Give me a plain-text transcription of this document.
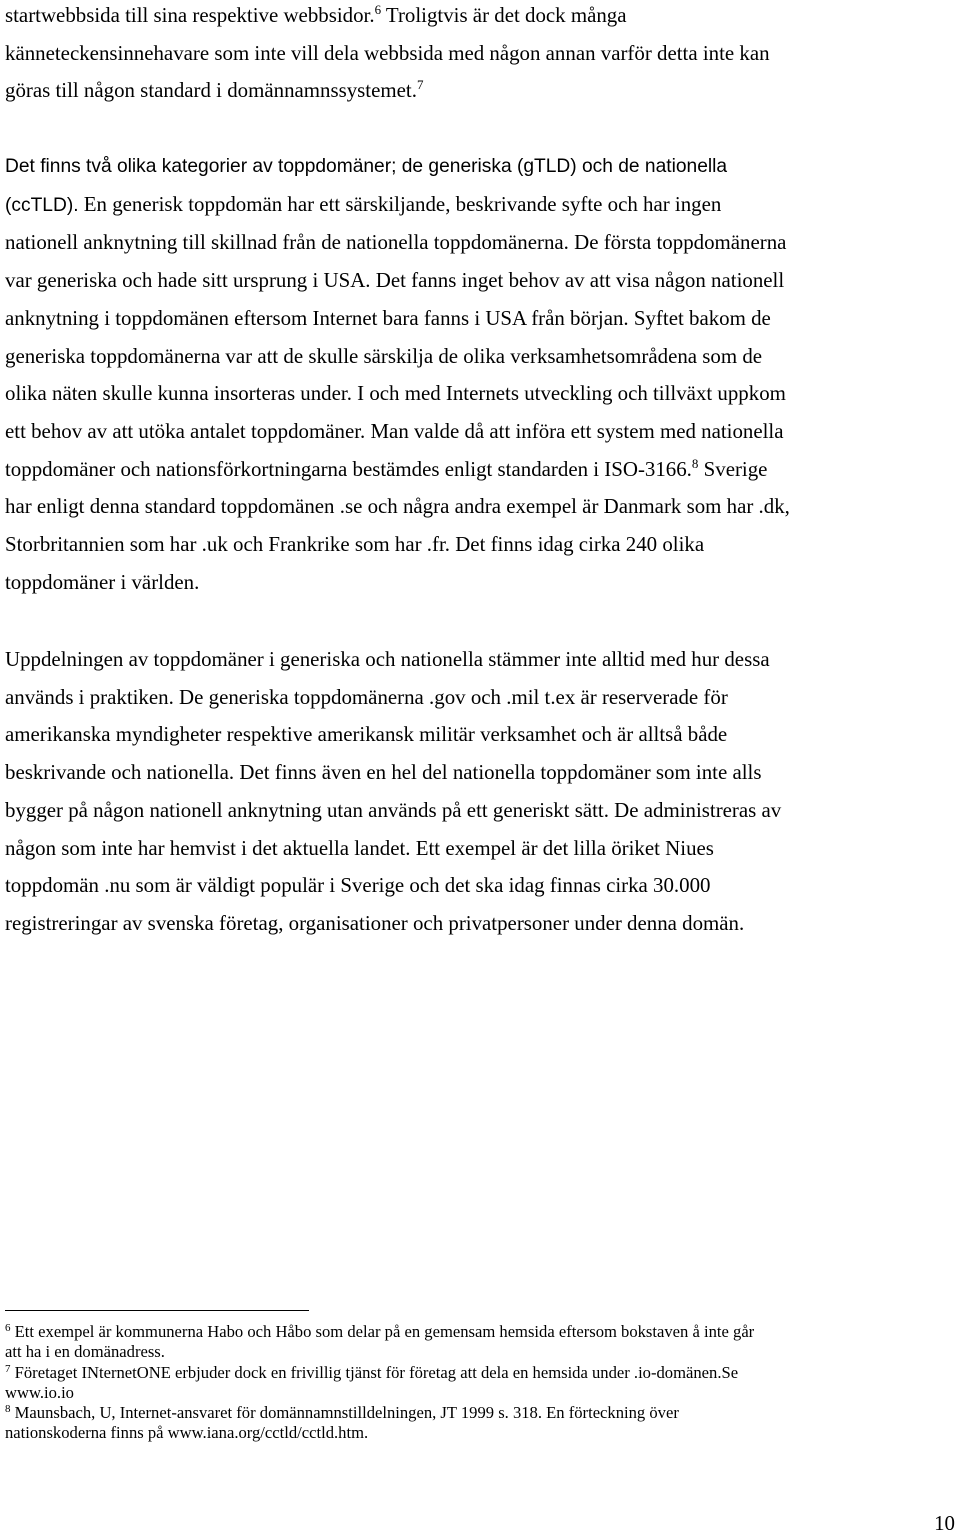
startwebbsida till sina respektive webbsidor.$^6$ Troligtvis är det dock många
känneteckensinnehavare som inte vill dela webbsida med någon annan varför detta inte kan
göras till någon standard i domännamnssystemet.$^7$

Det finns två olika kategorier av toppdomäner; de generiska (gTLD) och de nationella
(ccTLD). En generisk toppdomän har ett särskiljande, beskrivande syfte och har ingen
nationell anknytning till skillnad från de nationella toppdomänerna. De första toppdomänerna
var generiska och hade sitt ursprung i USA. Det fanns inget behov av att visa någon nationell
anknytning i toppdomänen eftersom Internet bara fanns i USA från början. Syftet bakom de
generiska toppdomänerna var att de skulle särskilja de olika verksamhetsområdena som de
olika näten skulle kunna insorteras under. I och med Internets utveckling och tillväxt uppkom
ett behov av att utöka antalet toppdomäner. Man valde då att införa ett system med nationella
toppdomäner och nationsförkortningarna bestämdes enligt standarden i ISO-3166.$^8$ Sverige
har enligt denna standard toppdomänen .se och några andra exempel är Danmark som har .dk,
Storbritannien som har .uk och Frankrike som har .fr. Det finns idag cirka 240 olika
toppdomäner i världen.

Uppdelningen av toppdomäner i generiska och nationella stämmer inte alltid med hur dessa
används i praktiken. De generiska toppdomänerna .gov och .mil t.ex är reserverade för
amerikanska myndigheter respektive amerikansk militär verksamhet och är alltså både
beskrivande och nationella. Det finns även en hel del nationella toppdomäner som inte alls
bygger på någon nationell anknytning utan används på ett generiskt sätt. De administreras av
någon som inte har hemvist i det aktuella landet. Ett exempel är det lilla öriket Niues
toppdomän .nu som är väldigt populär i Sverige och det ska idag finnas cirka 30.000
registreringar av svenska företag, organisationer och privatpersoner under denna domän.

$^6$ Ett exempel är kommunerna Habo och Håbo som delar på en gemensam hemsida eftersom bokstaven å inte går
att ha i en domänadress.
$^7$ Företaget INternetONE erbjuder dock en frivillig tjänst för företag att dela en hemsida under .io-domänen.Se
www.io.io
$^8$ Maunsbach, U, Internet-ansvaret för domännamnstilldelningen, JT 1999 s. 318. En förteckning över
nationskoderna finns på www.iana.org/cctld/cctld.htm.
10
